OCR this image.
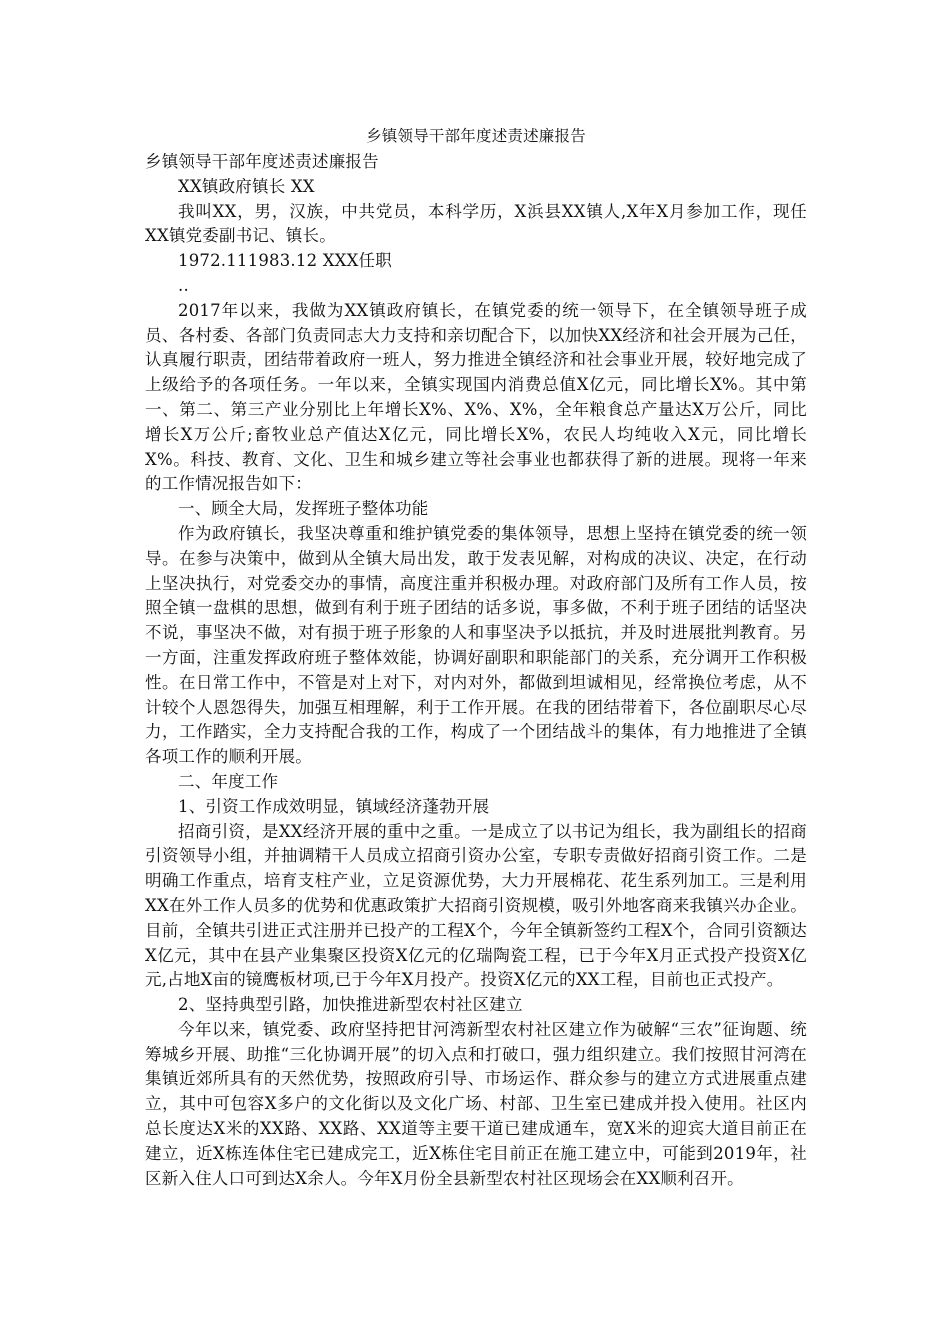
乡镇领导干部年度述责述廉报告

乡镇领导干部年度述责述廉报告

XX镇政府镇长 XX

我叫XX，男，汉族，中共党员，本科学历，X浜县XX镇人,X年X月参加工作，现任XX镇党委副书记、镇长。

1972.111983.12 XXX任职

..

2017年以来，我做为XX镇政府镇长，在镇党委的统一领导下，在全镇领导班子成员、各村委、各部门负责同志大力支持和亲切配合下，以加快XX经济和社会开展为己任，认真履行职责，团结带着政府一班人，努力推进全镇经济和社会事业开展，较好地完成了上级给予的各项任务。一年以来，全镇实现国内消费总值X亿元，同比增长X%。其中第一、第二、第三产业分别比上年增长X%、X%、X%，全年粮食总产量达X万公斤，同比增长X万公斤;畜牧业总产值达X亿元，同比增长X%，农民人均纯收入X元，同比增长X%。科技、教育、文化、卫生和城乡建立等社会事业也都获得了新的进展。现将一年来的工作情况报告如下：

一、顾全大局，发挥班子整体功能

作为政府镇长，我坚决尊重和维护镇党委的集体领导，思想上坚持在镇党委的统一领导。在参与决策中，做到从全镇大局出发，敢于发表见解，对构成的决议、决定，在行动上坚决执行，对党委交办的事情，高度注重并积极办理。对政府部门及所有工作人员，按照全镇一盘棋的思想，做到有利于班子团结的话多说，事多做，不利于班子团结的话坚决不说，事坚决不做，对有损于班子形象的人和事坚决予以抵抗，并及时进展批判教育。另一方面，注重发挥政府班子整体效能，协调好副职和职能部门的关系，充分调开工作积极性。在日常工作中，不管是对上对下，对内对外，都做到坦诚相见，经常换位考虑，从不计较个人恩怨得失，加强互相理解，利于工作开展。在我的团结带着下，各位副职尽心尽力，工作踏实，全力支持配合我的工作，构成了一个团结战斗的集体，有力地推进了全镇各项工作的顺利开展。

二、年度工作

1、引资工作成效明显，镇域经济蓬勃开展

招商引资，是XX经济开展的重中之重。一是成立了以书记为组长，我为副组长的招商引资领导小组，并抽调精干人员成立招商引资办公室，专职专责做好招商引资工作。二是明确工作重点，培育支柱产业，立足资源优势，大力开展棉花、花生系列加工。三是利用XX在外工作人员多的优势和优惠政策扩大招商引资规模，吸引外地客商来我镇兴办企业。目前，全镇共引进正式注册并已投产的工程X个，今年全镇新签约工程X个，合同引资额达X亿元，其中在县产业集聚区投资X亿元的亿瑞陶瓷工程，已于今年X月正式投产投资X亿元,占地X亩的镜鹰板材项,已于今年X月投产。投资X亿元的XX工程，目前也正式投产。

2、坚持典型引路，加快推进新型农村社区建立

今年以来，镇党委、政府坚持把甘河湾新型农村社区建立作为破解“三农”征询题、统筹城乡开展、助推“三化协调开展”的切入点和打破口，强力组织建立。我们按照甘河湾在集镇近郊所具有的天然优势，按照政府引导、市场运作、群众参与的建立方式进展重点建立，其中可包容X多户的文化街以及文化广场、村部、卫生室已建成并投入使用。社区内总长度达X米的XX路、XX路、XX道等主要干道已建成通车，宽X米的迎宾大道目前正在建立，近X栋连体住宅已建成完工，近X栋住宅目前正在施工建立中，可能到2019年，社区新入住人口可到达X余人。今年X月份全县新型农村社区现场会在XX顺利召开。
